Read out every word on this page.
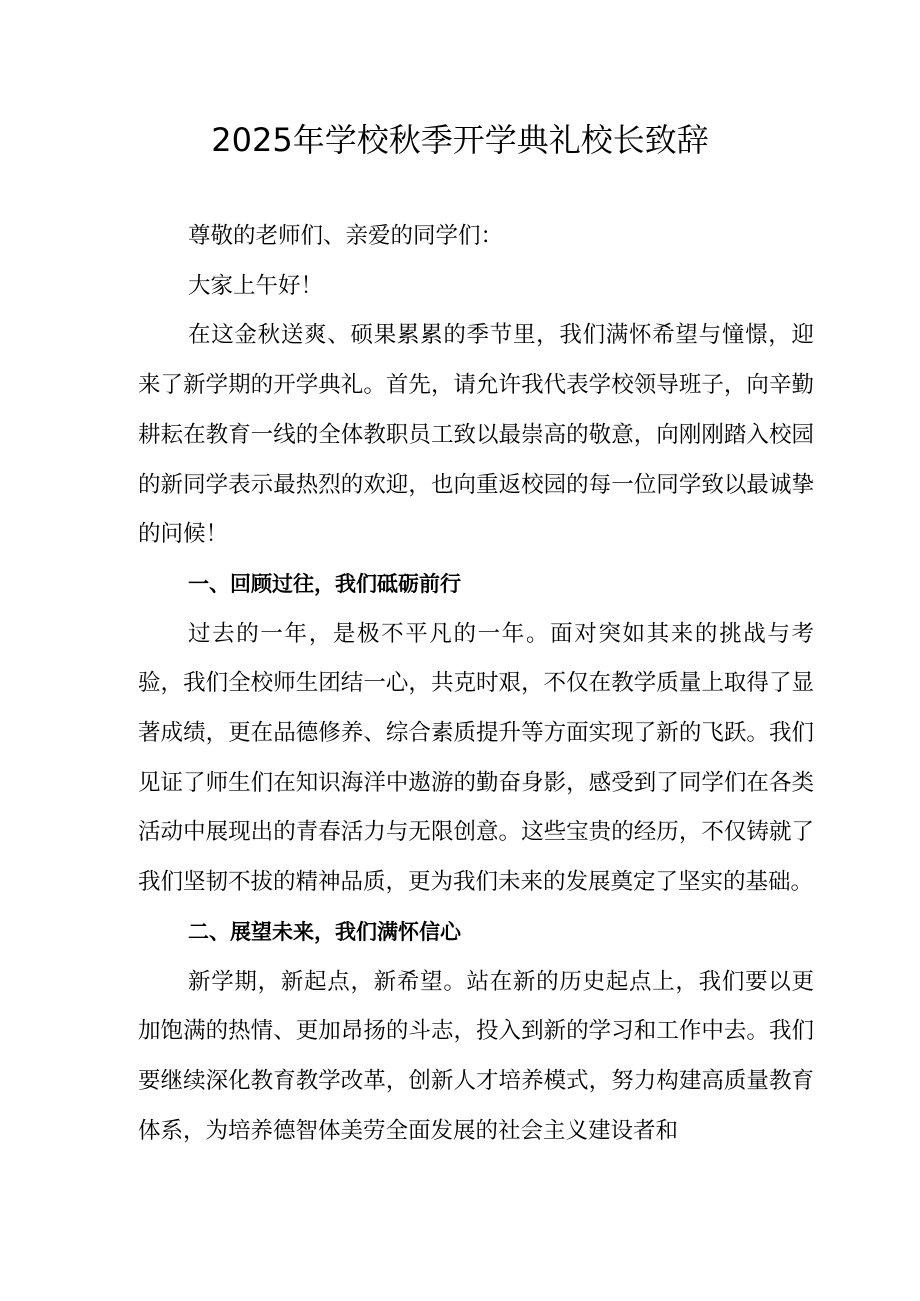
2025年学校秋季开学典礼校长致辞

尊敬的老师们、亲爱的同学们：

大家上午好！

在这金秋送爽、硕果累累的季节里，我们满怀希望与憧憬，迎来了新学期的开学典礼。首先，请允许我代表学校领导班子，向辛勤耕耘在教育一线的全体教职员工致以最崇高的敬意，向刚刚踏入校园的新同学表示最热烈的欢迎，也向重返校园的每一位同学致以最诚挚的问候！

一、回顾过往，我们砥砺前行

过去的一年，是极不平凡的一年。面对突如其来的挑战与考验，我们全校师生团结一心，共克时艰，不仅在教学质量上取得了显著成绩，更在品德修养、综合素质提升等方面实现了新的飞跃。我们见证了师生们在知识海洋中遨游的勤奋身影，感受到了同学们在各类活动中展现出的青春活力与无限创意。这些宝贵的经历，不仅铸就了我们坚韧不拔的精神品质，更为我们未来的发展奠定了坚实的基础。

二、展望未来，我们满怀信心

新学期，新起点，新希望。站在新的历史起点上，我们要以更加饱满的热情、更加昂扬的斗志，投入到新的学习和工作中去。我们要继续深化教育教学改革，创新人才培养模式，努力构建高质量教育体系，为培养德智体美劳全面发展的社会主义建设者和
